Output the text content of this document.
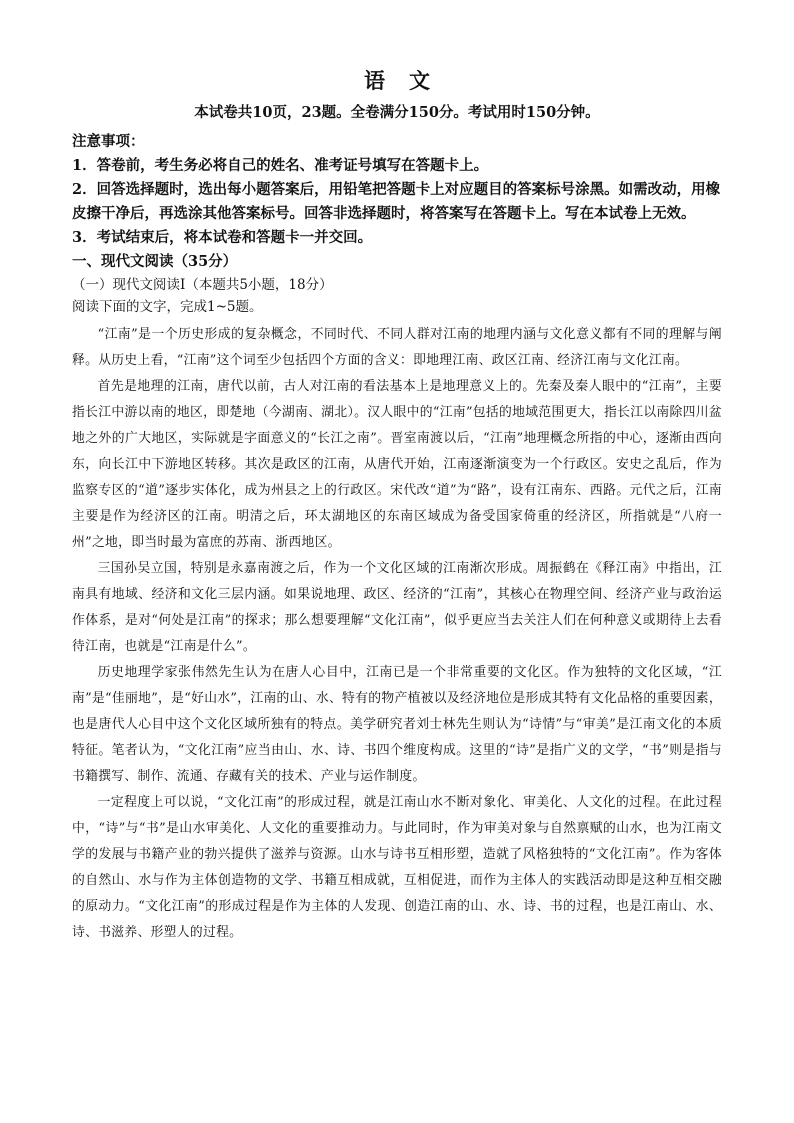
语 文

本试卷共10页，23题。全卷满分150分。考试用时150分钟。

注意事项：

1．答卷前，考生务必将自己的姓名、准考证号填写在答题卡上。

2．回答选择题时，选出每小题答案后，用铅笔把答题卡上对应题目的答案标号涂黑。如需改动，用橡皮擦干净后，再选涂其他答案标号。回答非选择题时，将答案写在答题卡上。写在本试卷上无效。

3．考试结束后，将本试卷和答题卡一并交回。

一、现代文阅读（35分）

（一）现代文阅读Ⅰ（本题共5小题，18分）

阅读下面的文字，完成1~5题。

“江南”是一个历史形成的复杂概念，不同时代、不同人群对江南的地理内涵与文化意义都有不同的理解与阐释。从历史上看，“江南”这个词至少包括四个方面的含义：即地理江南、政区江南、经济江南与文化江南。

首先是地理的江南，唐代以前，古人对江南的看法基本上是地理意义上的。先秦及秦人眼中的“江南”，主要指长江中游以南的地区，即楚地（今湖南、湖北）。汉人眼中的“江南”包括的地域范围更大，指长江以南除四川盆地之外的广大地区，实际就是字面意义的“长江之南”。晋室南渡以后，“江南”地理概念所指的中心，逐渐由西向东，向长江中下游地区转移。其次是政区的江南，从唐代开始，江南逐渐演变为一个行政区。安史之乱后，作为监察专区的“道”逐步实体化，成为州县之上的行政区。宋代改“道”为“路”，设有江南东、西路。元代之后，江南主要是作为经济区的江南。明清之后，环太湖地区的东南区域成为备受国家倚重的经济区，所指就是“八府一州”之地，即当时最为富庶的苏南、浙西地区。

三国孙吴立国，特别是永嘉南渡之后，作为一个文化区域的江南渐次形成。周振鹤在《释江南》中指出，江南具有地域、经济和文化三层内涵。如果说地理、政区、经济的“江南”，其核心在物理空间、经济产业与政治运作体系，是对“何处是江南”的探求；那么想要理解“文化江南”，似乎更应当去关注人们在何种意义或期待上去看待江南，也就是“江南是什么”。

历史地理学家张伟然先生认为在唐人心目中，江南已是一个非常重要的文化区。作为独特的文化区域，“江南”是“佳丽地”，是“好山水”，江南的山、水、特有的物产植被以及经济地位是形成其特有文化品格的重要因素，也是唐代人心目中这个文化区域所独有的特点。美学研究者刘士林先生则认为“诗情”与“审美”是江南文化的本质特征。笔者认为，“文化江南”应当由山、水、诗、书四个维度构成。这里的“诗”是指广义的文学，“书”则是指与书籍撰写、制作、流通、存藏有关的技术、产业与运作制度。

一定程度上可以说，“文化江南”的形成过程，就是江南山水不断对象化、审美化、人文化的过程。在此过程中，“诗”与“书”是山水审美化、人文化的重要推动力。与此同时，作为审美对象与自然禀赋的山水，也为江南文学的发展与书籍产业的勃兴提供了滋养与资源。山水与诗书互相形塑，造就了风格独特的“文化江南”。作为客体的自然山、水与作为主体创造物的文学、书籍互相成就，互相促进，而作为主体人的实践活动即是这种互相交融的原动力。“文化江南”的形成过程是作为主体的人发现、创造江南的山、水、诗、书的过程，也是江南山、水、诗、书滋养、形塑人的过程。
